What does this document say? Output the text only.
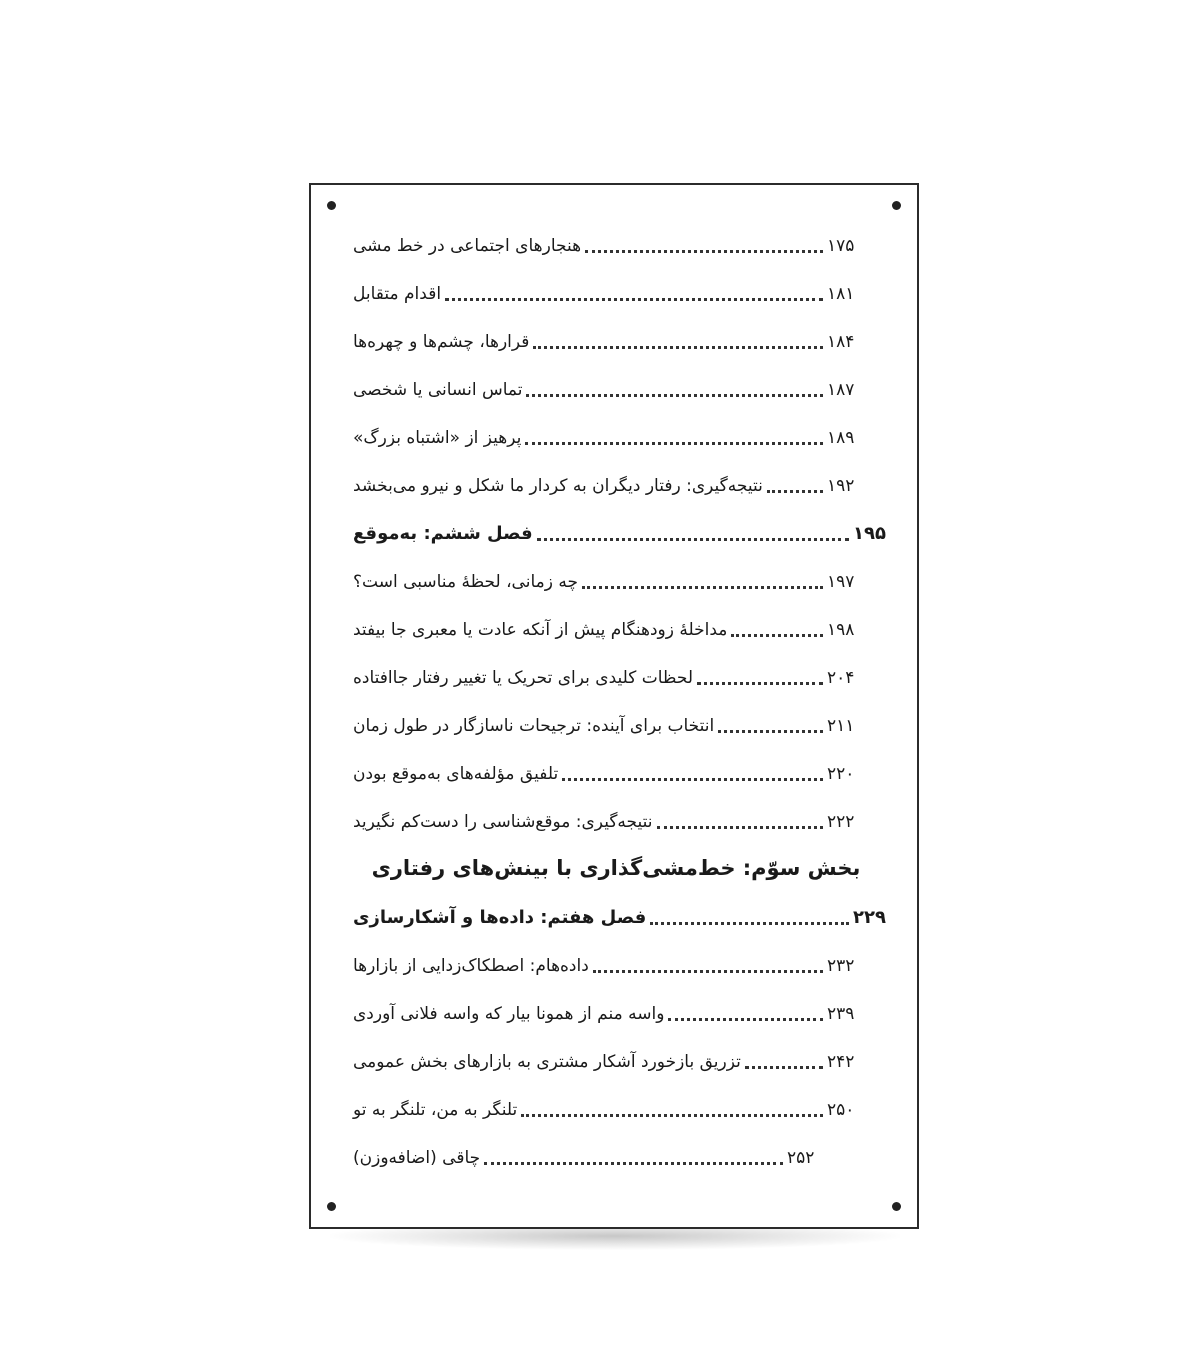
هنجارهای اجتماعی در خط مشی	۱۷۵
اقدام متقابل	۱۸۱
قرارها، چشم‌ها و چهره‌ها	۱۸۴
تماس انسانی یا شخصی	۱۸۷
پرهیز از «اشتباه بزرگ»	۱۸۹
نتیجه‌گیری: رفتار دیگران به کردار ما شکل و نیرو می‌بخشد	۱۹۲
فصل ششم: به‌موقع	۱۹۵
چه زمانی، لحظهٔ مناسبی است؟	۱۹۷
مداخلهٔ زودهنگام پیش از آنکه عادت یا معبری جا بیفتد	۱۹۸
لحظات کلیدی برای تحریک یا تغییر رفتار جاافتاده	۲۰۴
انتخاب برای آینده: ترجیحات ناسازگار در طول زمان	۲۱۱
تلفیق مؤلفه‌های به‌موقع بودن	۲۲۰
نتیجه‌گیری: موقع‌شناسی را دست‌کم نگیرید	۲۲۲
بخش سوّم: خط‌مشی‌گذاری با بینش‌های رفتاری
فصل هفتم: داده‌ها و آشکارسازی	۲۲۹
داده‌هام: اصطکاک‌زدایی از بازارها	۲۳۲
واسه منم از همونا بیار که واسه فلانی آوردی	۲۳۹
تزریق بازخورد آشکار مشتری به بازارهای بخش عمومی	۲۴۲
تلنگر به من، تلنگر به تو	۲۵۰
چاقی (اضافه‌وزن)	۲۵۲
